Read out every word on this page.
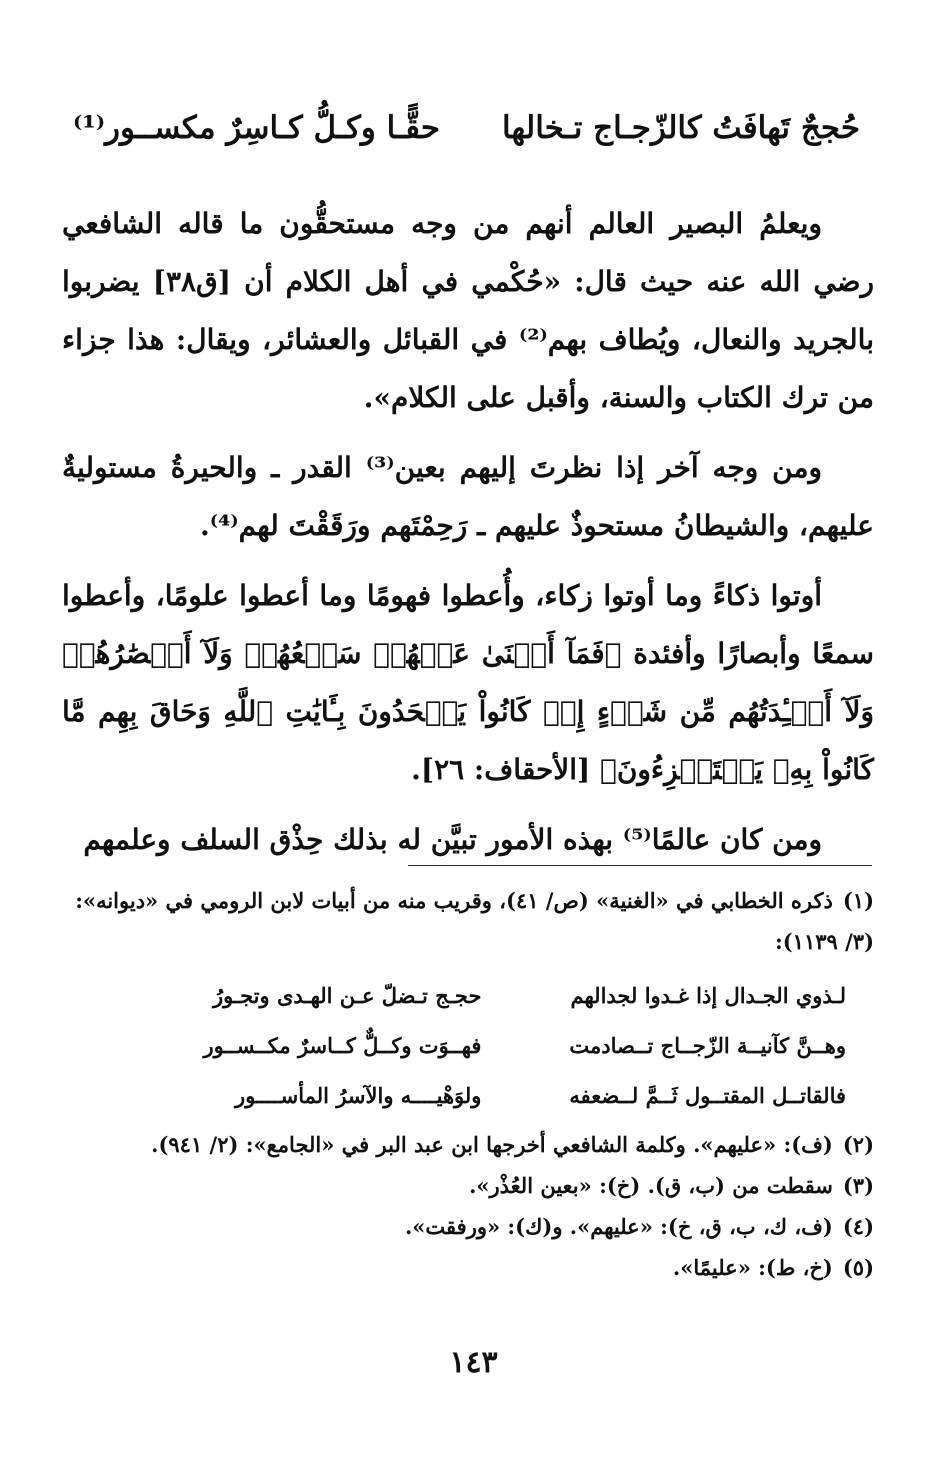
حُججٌ تَهافَتُ كالزّجـاج تـخالها
حقًّـا وكـلُّ كـاسِرٌ مكســور⁽¹⁾

ويعلمُ البصير العالم أنهم من وجه مستحقُّون ما قاله الشافعي رضي الله عنه حيث قال: «حُكْمي في أهل الكلام أن [ق٣٨] يضربوا بالجريد والنعال، ويُطاف بهم⁽²⁾ في القبائل والعشائر، ويقال: هذا جزاء من ترك الكتاب والسنة، وأقبل على الكلام».

ومن وجه آخر إذا نظرتَ إليهم بعين⁽³⁾ القدر ـ والحيرةُ مستوليةٌ عليهم، والشيطانُ مستحوذٌ عليهم ـ رَحِمْتَهم ورَقَقْتَ لهم⁽⁴⁾.

أوتوا ذكاءً وما أوتوا زكاء، وأُعطوا فهومًا وما أعطوا علومًا، وأعطوا سمعًا وأبصارًا وأفئدة ﴿فَمَآ أَغۡنَىٰ عَنۡهُمۡ سَمۡعُهُمۡ وَلَآ أَبۡصَٰرُهُمۡ وَلَآ أَفۡـِٔدَتُهُم مِّن شَيۡءٍ إِذۡ كَانُواْ يَجۡحَدُونَ بِـَٔايَٰتِ ٱللَّهِ وَحَاقَ بِهِم مَّا كَانُواْ بِهِۦ يَسۡتَهۡزِءُونَ﴾ [الأحقاف: ٢٦].

ومن كان عالمًا⁽⁵⁾ بهذه الأمور تبيَّن له بذلك حِذْق السلف وعلمهم

(١)ذكره الخطابي في «الغنية» (ص/ ٤١)، وقريب منه من أبيات لابن الرومي في «ديوانه»: (٣/ ١١٣٩):

لـذوي الجـدال إذا غـدوا لجدالهم
حجـج تـضلّ عـن الهـدى وتجـورُ
وهــنَّ كآنيــة الزّجــاج تــصادمت
فهــوَت وكــلٌّ كــاسرٌ مكــســور
فالقاتــل المقتــول ثَــمَّ لــضعفه
ولوَهْيــــه والآسرُ المأســــور

(٢)(ف): «عليهم». وكلمة الشافعي أخرجها ابن عبد البر في «الجامع»: (٢/ ٩٤١).

(٣)سقطت من (ب، ق). (خ): «بعين العُذْر».

(٤)(ف، ك، ب، ق، خ): «عليهم». و(ك): «ورفقت».

(٥)(خ، ط): «عليمًا».

١٤٣
